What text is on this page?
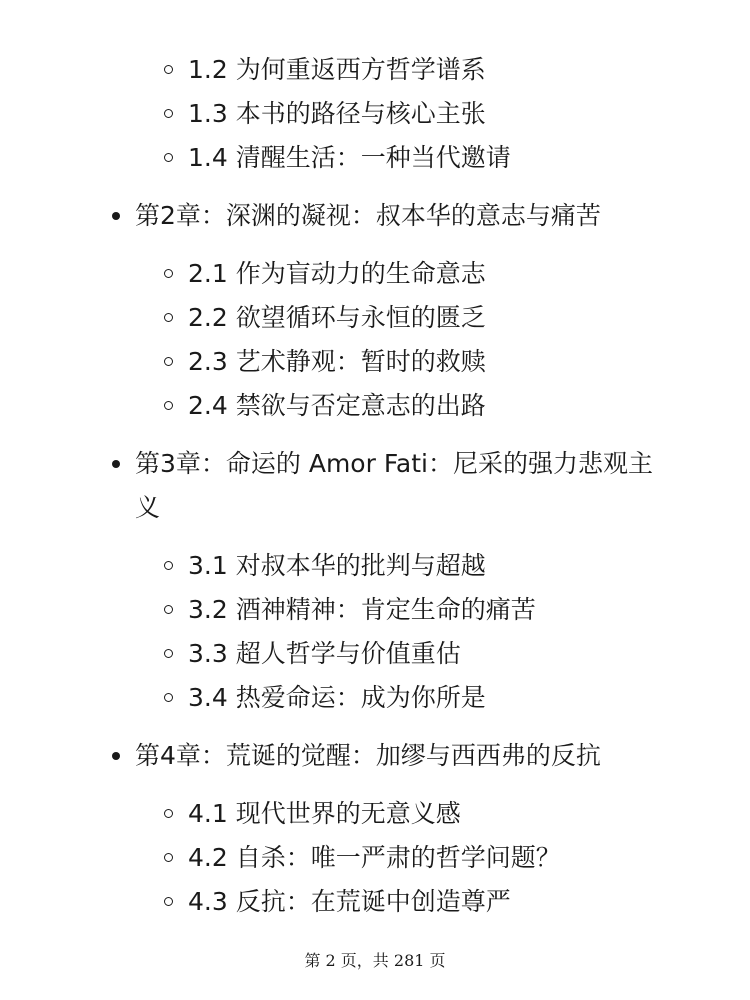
1.2 为何重返西方哲学谱系
1.3 本书的路径与核心主张
1.4 清醒生活：一种当代邀请
第2章：深渊的凝视：叔本华的意志与痛苦
2.1 作为盲动力的生命意志
2.2 欲望循环与永恒的匮乏
2.3 艺术静观：暂时的救赎
2.4 禁欲与否定意志的出路
第3章：命运的 Amor Fati：尼采的强力悲观主义
3.1 对叔本华的批判与超越
3.2 酒神精神：肯定生命的痛苦
3.3 超人哲学与价值重估
3.4 热爱命运：成为你所是
第4章：荒诞的觉醒：加缪与西西弗的反抗
4.1 现代世界的无意义感
4.2 自杀：唯一严肃的哲学问题？
4.3 反抗：在荒诞中创造尊严
第 2 页，共 281 页
